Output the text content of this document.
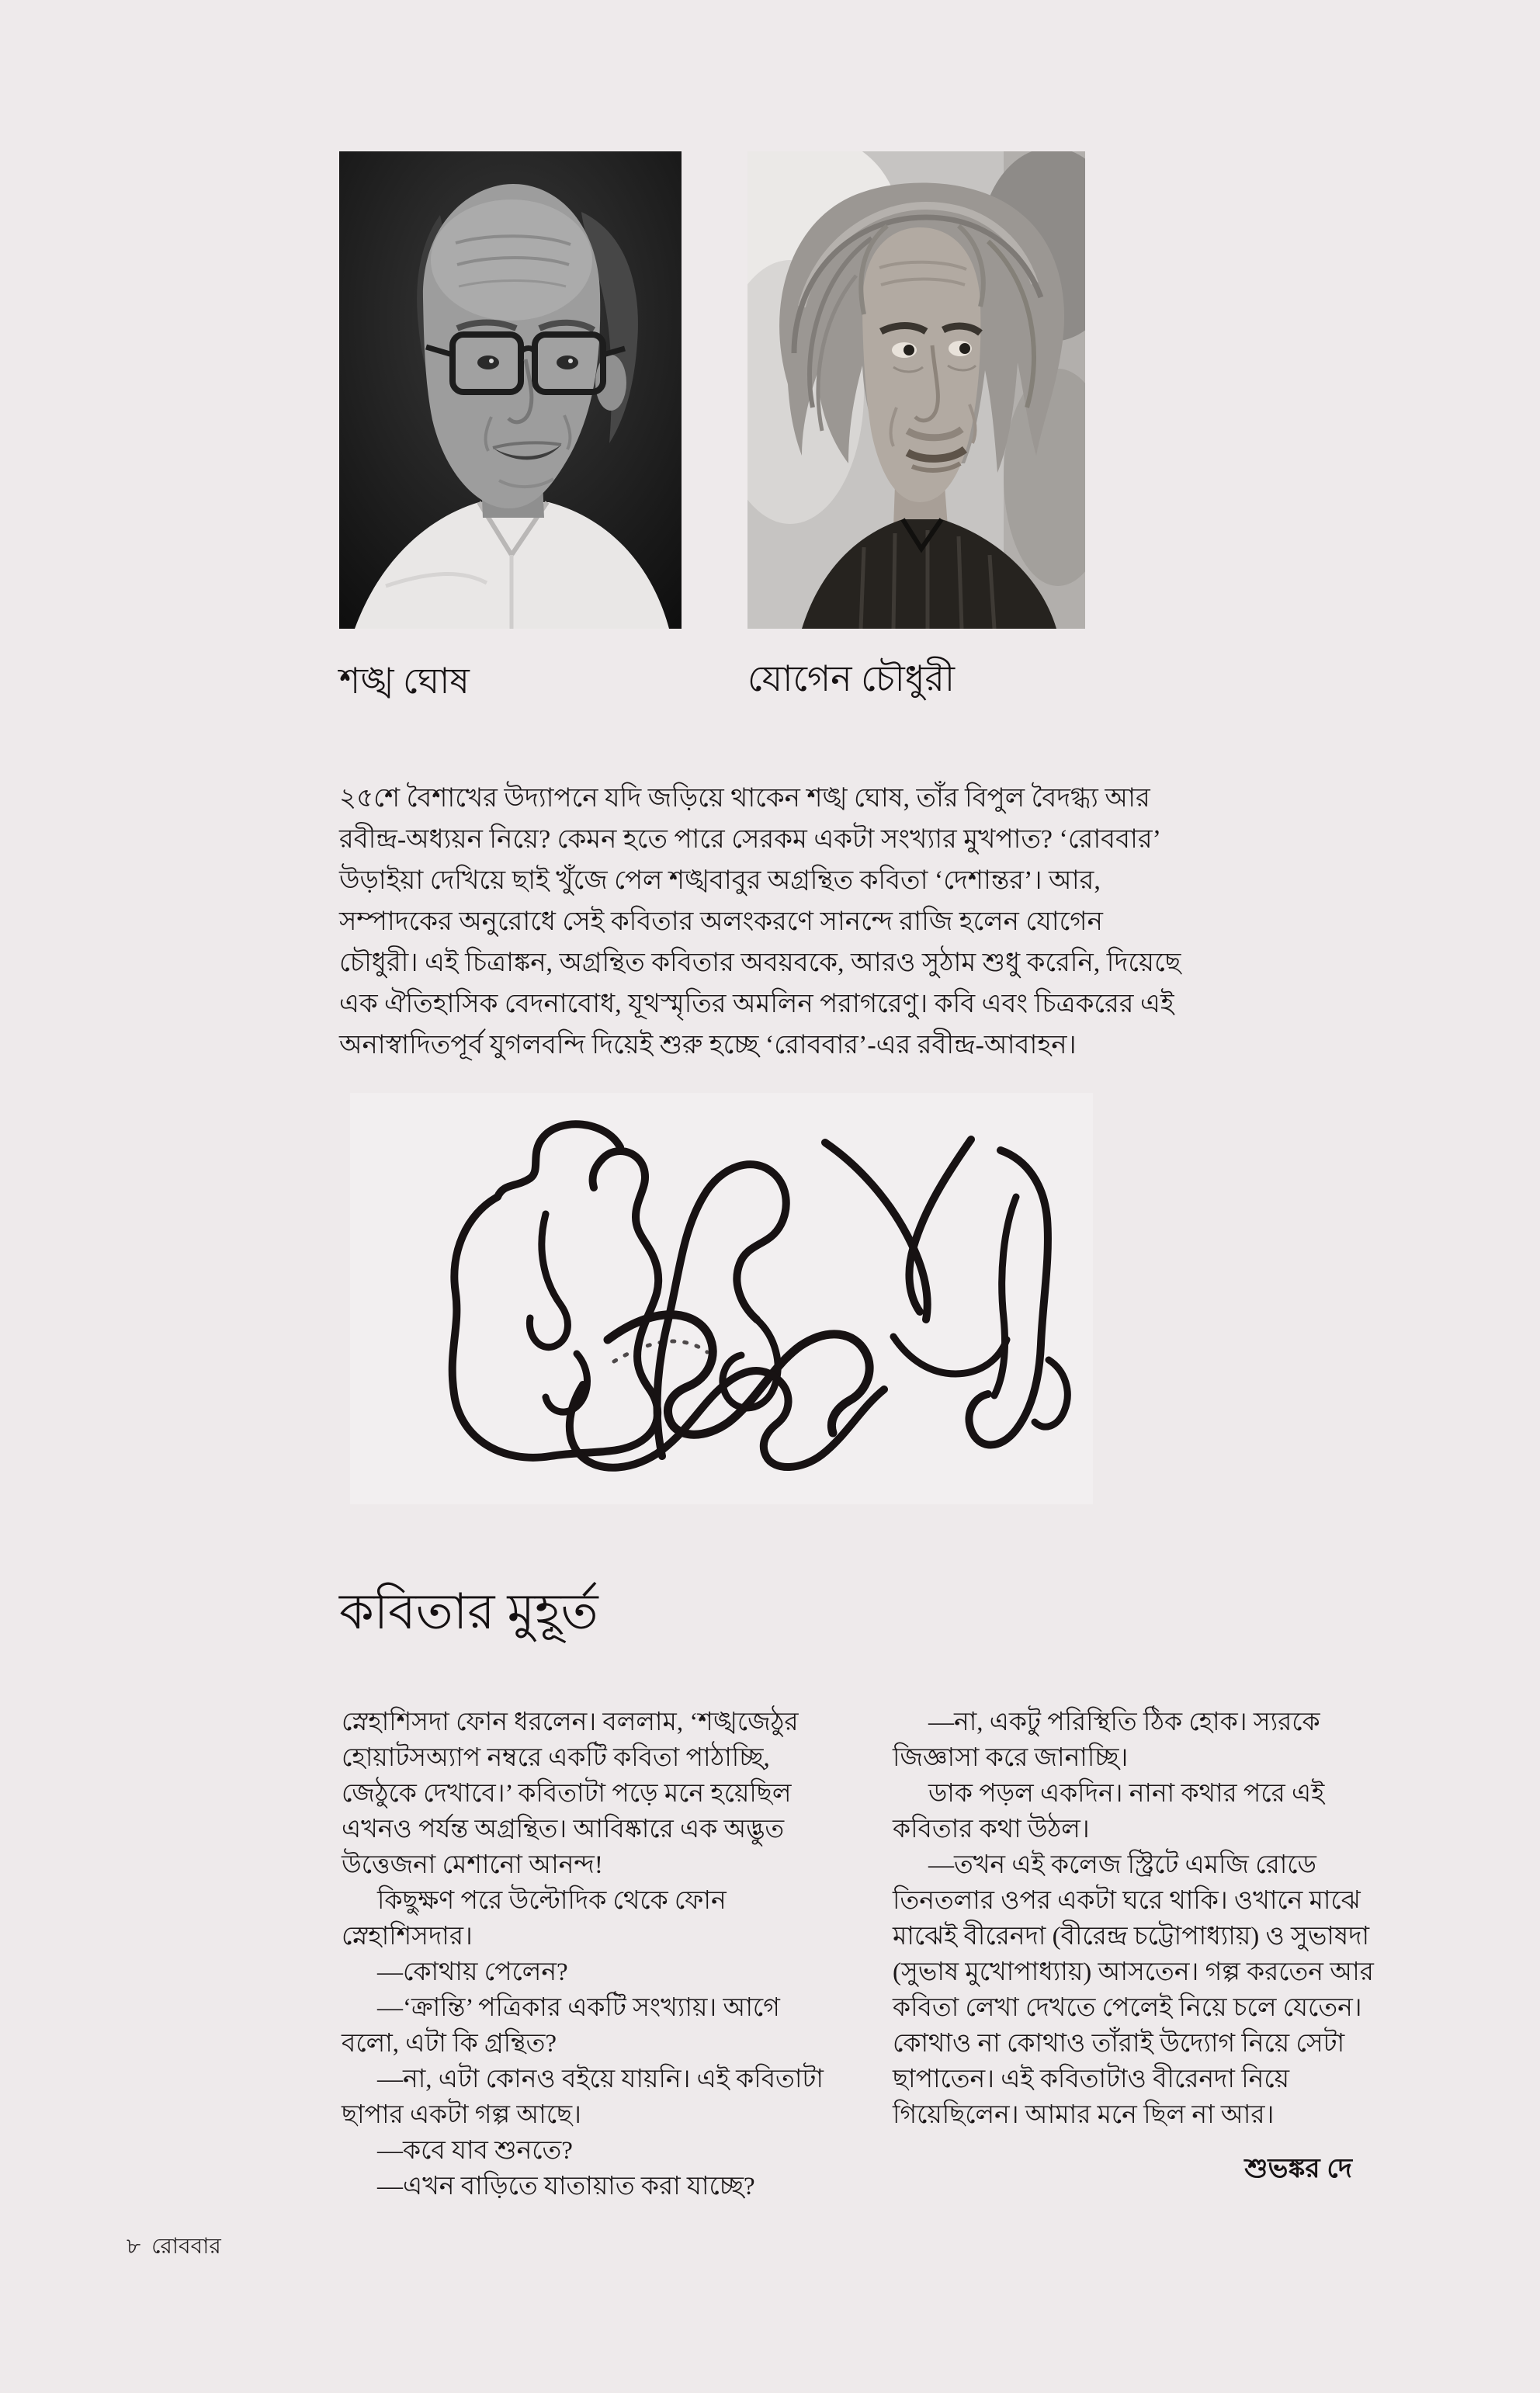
শঙ্খ ঘোষ	যোগেন চৌধুরী
২৫শে বৈশাখের উদ্যাপনে যদি জড়িয়ে থাকেন শঙ্খ ঘোষ, তাঁর বিপুল বৈদগ্ধ্য আর
রবীন্দ্র-অধ্যয়ন নিয়ে? কেমন হতে পারে সেরকম একটা সংখ্যার মুখপাত? ‘রোববার’
উড়াইয়া দেখিয়ে ছাই খুঁজে পেল শঙ্খবাবুর অগ্রন্থিত কবিতা ‘দেশান্তর’। আর,
সম্পাদকের অনুরোধে সেই কবিতার অলংকরণে সানন্দে রাজি হলেন যোগেন
চৌধুরী। এই চিত্রাঙ্কন, অগ্রন্থিত কবিতার অবয়বকে, আরও সুঠাম শুধু করেনি, দিয়েছে
এক ঐতিহাসিক বেদনাবোধ, যূথস্মৃতির অমলিন পরাগরেণু। কবি এবং চিত্রকরের এই
অনাস্বাদিতপূর্ব যুগলবন্দি দিয়েই শুরু হচ্ছে ‘রোববার’-এর রবীন্দ্র-আবাহন।
কবিতার মুহূর্ত
স্নেহাশিসদা ফোন ধরলেন। বললাম, ‘শঙ্খজেঠুর
হোয়াটসঅ্যাপ নম্বরে একটি কবিতা পাঠাচ্ছি,
জেঠুকে দেখাবে।’ কবিতাটা পড়ে মনে হয়েছিল
এখনও পর্যন্ত অগ্রন্থিত। আবিষ্কারে এক অদ্ভুত
উত্তেজনা মেশানো আনন্দ!
কিছুক্ষণ পরে উল্টোদিক থেকে ফোন
স্নেহাশিসদার।
—কোথায় পেলেন?
—‘ক্রান্তি’ পত্রিকার একটি সংখ্যায়। আগে
বলো, এটা কি গ্রন্থিত?
—না, এটা কোনও বইয়ে যায়নি। এই কবিতাটা
ছাপার একটা গল্প আছে।
—কবে যাব শুনতে?
—এখন বাড়িতে যাতায়াত করা যাচ্ছে?
—না, একটু পরিস্থিতি ঠিক হোক। স্যরকে
জিজ্ঞাসা করে জানাচ্ছি।
ডাক পড়ল একদিন। নানা কথার পরে এই
কবিতার কথা উঠল।
—তখন এই কলেজ স্ট্রিটে এমজি রোডে
তিনতলার ওপর একটা ঘরে থাকি। ওখানে মাঝে
মাঝেই বীরেনদা (বীরেন্দ্র চট্টোপাধ্যায়) ও সুভাষদা
(সুভাষ মুখোপাধ্যায়) আসতেন। গল্প করতেন আর
কবিতা লেখা দেখতে পেলেই নিয়ে চলে যেতেন।
কোথাও না কোথাও তাঁরাই উদ্যোগ নিয়ে সেটা
ছাপাতেন। এই কবিতাটাও বীরেনদা নিয়ে
গিয়েছিলেন। আমার মনে ছিল না আর।
শুভঙ্কর দে
৮ রোববার
